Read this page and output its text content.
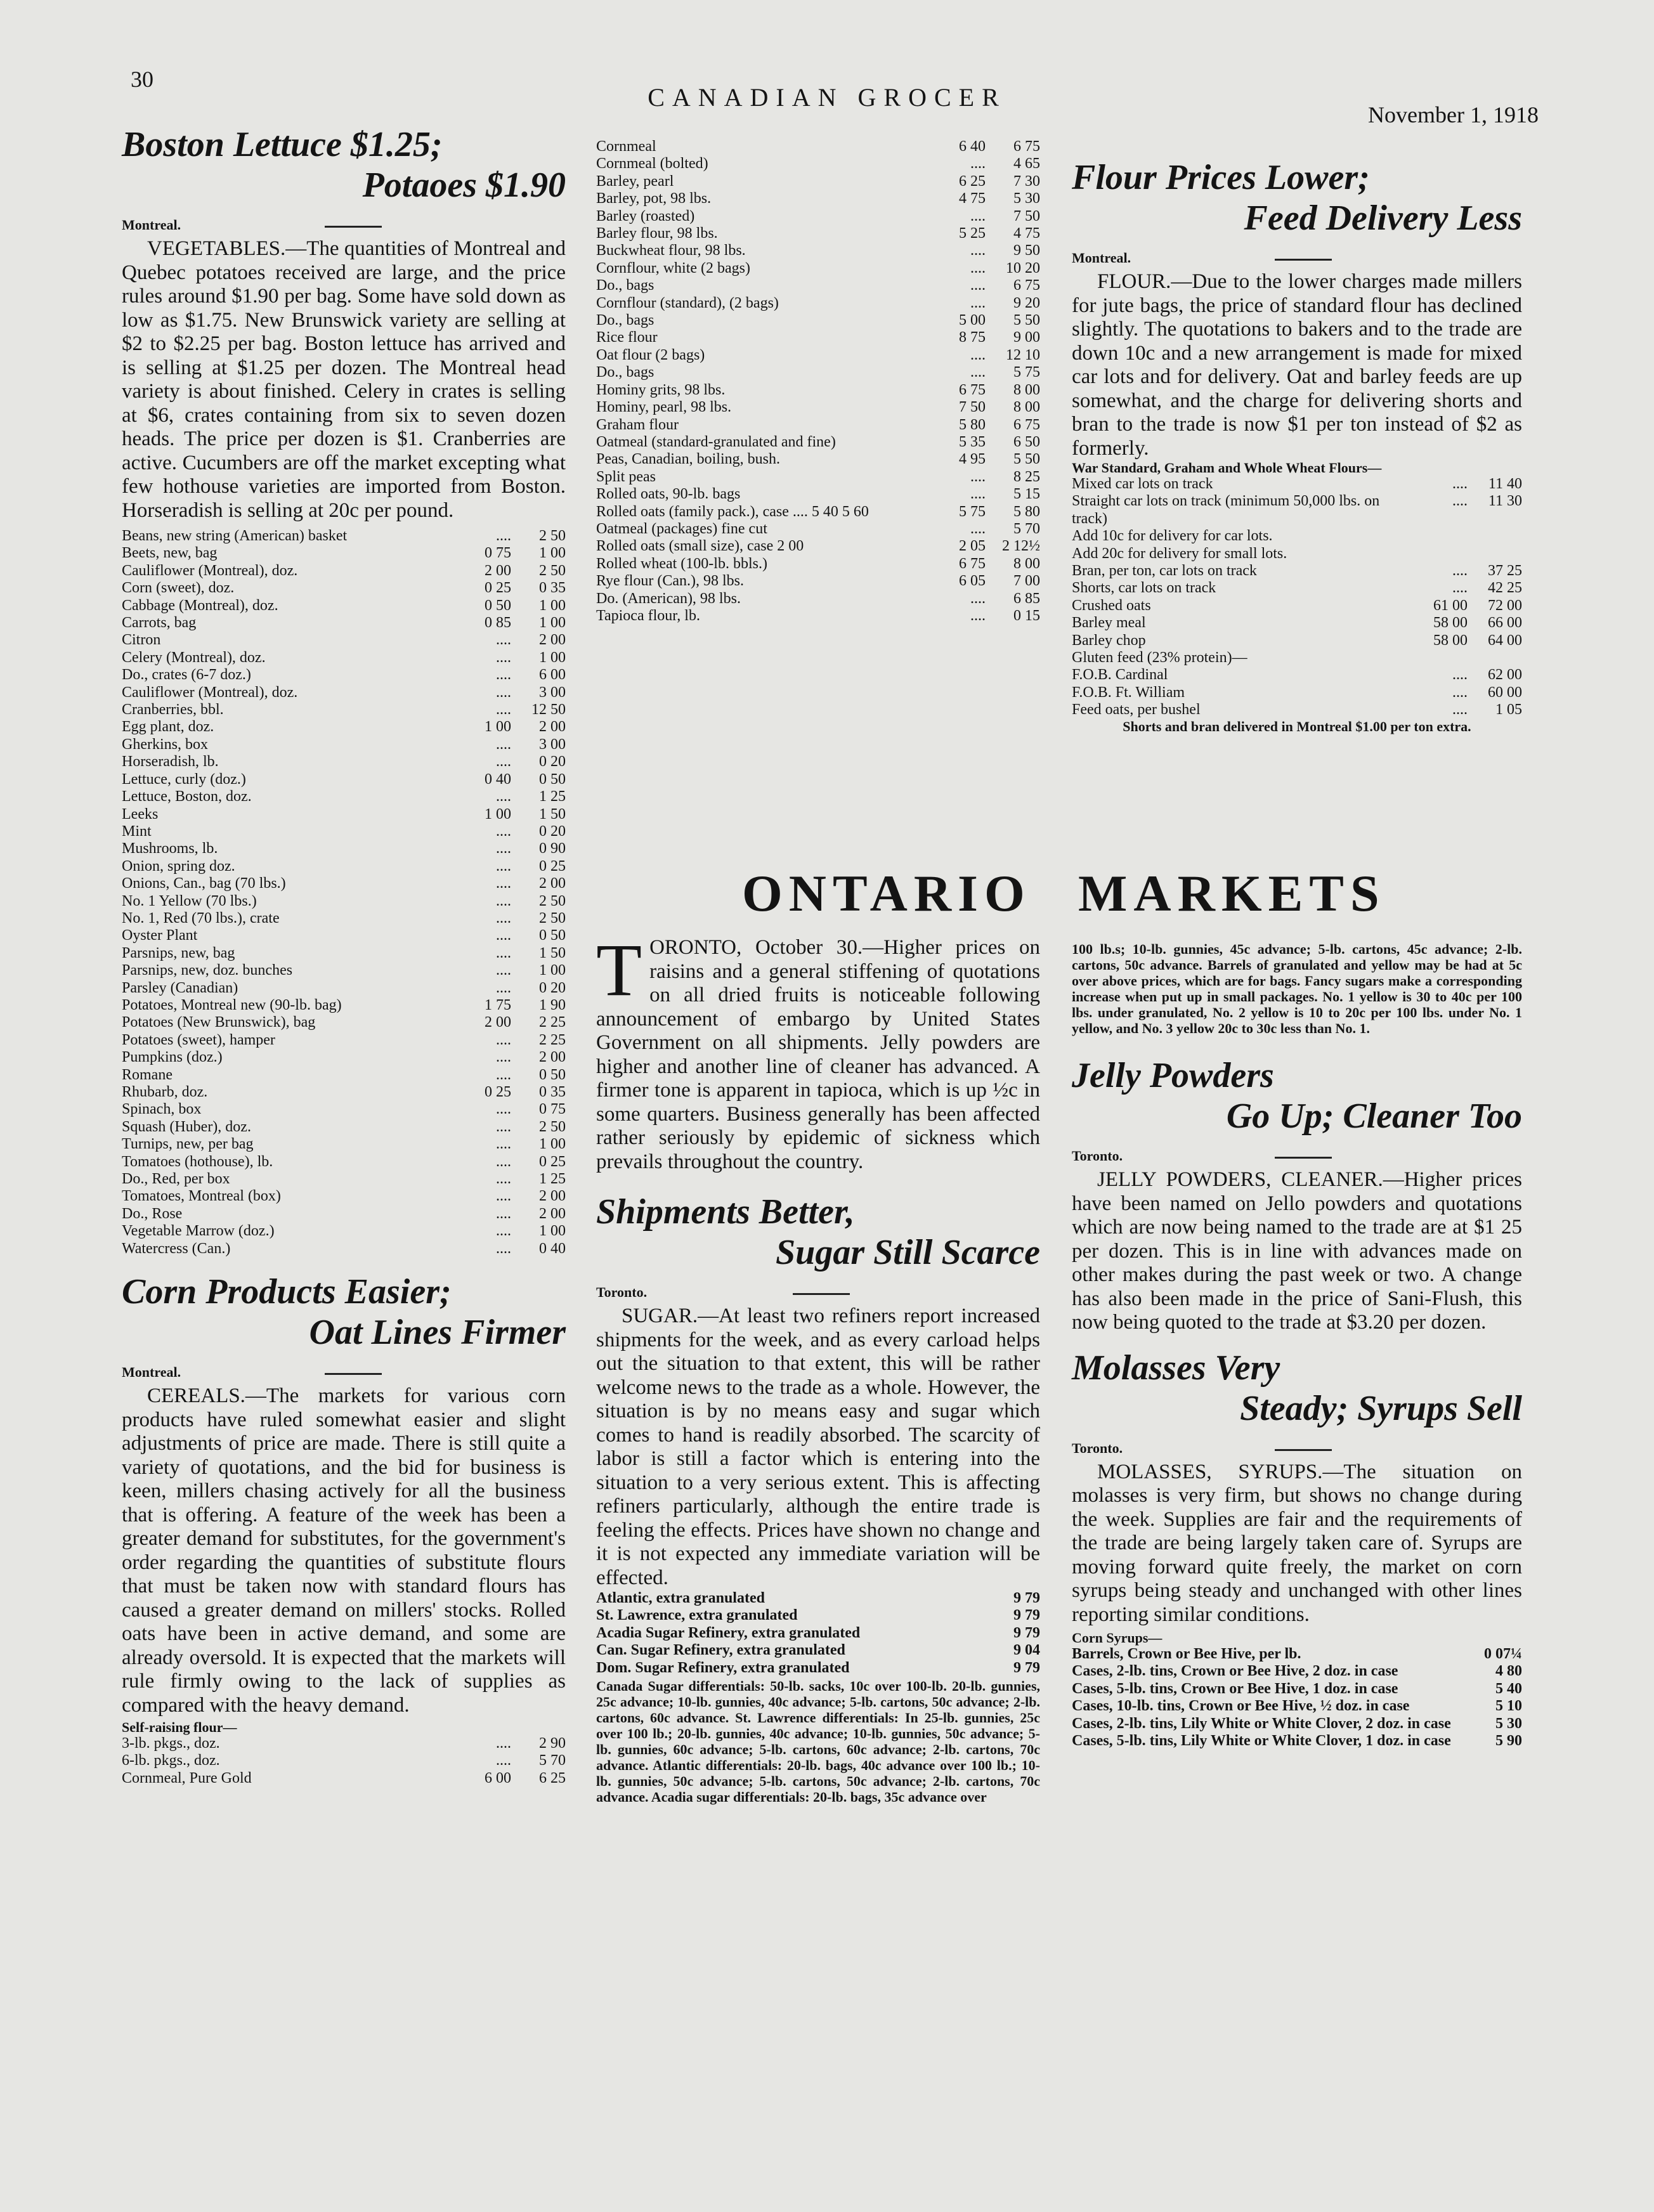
30
CANADIAN GROCER
November 1, 1918
Boston Lettuce $1.25;
Potaoes $1.90
Montreal.

VEGETABLES.—The quantities of Montreal and Quebec potatoes received are large, and the price rules around $1.90 per bag. Some have sold down as low as $1.75. New Brunswick variety are selling at $2 to $2.25 per bag. Boston lettuce has arrived and is selling at $1.25 per dozen. The Montreal head variety is about finished. Celery in crates is selling at $6, crates containing from six to seven dozen heads. The price per dozen is $1. Cranberries are active. Cucumbers are off the market excepting what few hothouse varieties are imported from Boston. Horseradish is selling at 20c per pound.

Beans, new string (American) basket	....	2 50
Beets, new, bag	0 75	1 00
Cauliflower (Montreal), doz.	2 00	2 50
Corn (sweet), doz.	0 25	0 35
Cabbage (Montreal), doz.	0 50	1 00
Carrots, bag	0 85	1 00
Citron	....	2 00
Celery (Montreal), doz.	....	1 00
Do., crates (6-7 doz.)	....	6 00
Cauliflower (Montreal), doz.	....	3 00
Cranberries, bbl.	....	12 50
Egg plant, doz.	1 00	2 00
Gherkins, box	....	3 00
Horseradish, lb.	....	0 20
Lettuce, curly (doz.)	0 40	0 50
Lettuce, Boston, doz.	....	1 25
Leeks	1 00	1 50
Mint	....	0 20
Mushrooms, lb.	....	0 90
Onion, spring doz.	....	0 25
Onions, Can., bag (70 lbs.)	....	2 00
No. 1 Yellow (70 lbs.)	....	2 50
No. 1, Red (70 lbs.), crate	....	2 50
Oyster Plant	....	0 50
Parsnips, new, bag	....	1 50
Parsnips, new, doz. bunches	....	1 00
Parsley (Canadian)	....	0 20
Potatoes, Montreal new (90-lb. bag)	1 75	1 90
Potatoes (New Brunswick), bag	2 00	2 25
Potatoes (sweet), hamper	....	2 25
Pumpkins (doz.)	....	2 00
Romane	....	0 50
Rhubarb, doz.	0 25	0 35
Spinach, box	....	0 75
Squash (Huber), doz.	....	2 50
Turnips, new, per bag	....	1 00
Tomatoes (hothouse), lb.	....	0 25
Do., Red, per box	....	1 25
Tomatoes, Montreal (box)	....	2 00
Do., Rose	....	2 00
Vegetable Marrow (doz.)	....	1 00
Watercress (Can.)	....	0 40
Corn Products Easier;
Oat Lines Firmer
Montreal.

CEREALS.—The markets for various corn products have ruled somewhat easier and slight adjustments of price are made. There is still quite a variety of quotations, and the bid for business is keen, millers chasing actively for all the business that is offering. A feature of the week has been a greater demand for substitutes, for the government's order regarding the quantities of substitute flours that must be taken now with standard flours has caused a greater demand on millers' stocks. Rolled oats have been in active demand, and some are already oversold. It is expected that the markets will rule firmly owing to the lack of supplies as compared with the heavy demand.

Self-raising flour—
3-lb. pkgs., doz.	....	2 90
6-lb. pkgs., doz.	....	5 70
Cornmeal, Pure Gold	6 00	6 25
Cornmeal	6 40	6 75
Cornmeal (bolted)	....	4 65
Barley, pearl	6 25	7 30
Barley, pot, 98 lbs.	4 75	5 30
Barley (roasted)	....	7 50
Barley flour, 98 lbs.	5 25	4 75
Buckwheat flour, 98 lbs.	....	9 50
Cornflour, white (2 bags)	....	10 20
Do., bags	....	6 75
Cornflour (standard), (2 bags)	....	9 20
Do., bags	5 00	5 50
Rice flour	8 75	9 00
Oat flour (2 bags)	....	12 10
Do., bags	....	5 75
Hominy grits, 98 lbs.	6 75	8 00
Hominy, pearl, 98 lbs.	7 50	8 00
Graham flour	5 80	6 75
Oatmeal (standard-granulated and fine)	5 35	6 50
Peas, Canadian, boiling, bush.	4 95	5 50
Split peas	....	8 25
Rolled oats, 90-lb. bags	....	5 15
Rolled oats (family pack.), case .... 5 40 5 60	5 75	5 80
Oatmeal (packages) fine cut	....	5 70
Rolled oats (small size), case 2 00	2 05	2 12½
Rolled wheat (100-lb. bbls.)	6 75	8 00
Rye flour (Can.), 98 lbs.	6 05	7 00
Do. (American), 98 lbs.	....	6 85
Tapioca flour, lb.	....	0 15
ONTARIO MARKETS

TORONTO, October 30.—Higher prices on raisins and a general stiffening of quotations on all dried fruits is noticeable following announcement of embargo by United States Government on all shipments. Jelly powders are higher and another line of cleaner has advanced. A firmer tone is apparent in tapioca, which is up ½c in some quarters. Business generally has been affected rather seriously by epidemic of sickness which prevails throughout the country.

Shipments Better,
Sugar Still Scarce
Toronto.

SUGAR.—At least two refiners report increased shipments for the week, and as every carload helps out the situation to that extent, this will be rather welcome news to the trade as a whole. However, the situation is by no means easy and sugar which comes to hand is readily absorbed. The scarcity of labor is still a factor which is entering into the situation to a very serious extent. This is affecting refiners particularly, although the entire trade is feeling the effects. Prices have shown no change and it is not expected any immediate variation will be effected.

Atlantic, extra granulated	9 79
St. Lawrence, extra granulated	9 79
Acadia Sugar Refinery, extra granulated	9 79
Can. Sugar Refinery, extra granulated	9 04
Dom. Sugar Refinery, extra granulated	9 79

Canada Sugar differentials: 50-lb. sacks, 10c over 100-lb. 20-lb. gunnies, 25c advance; 10-lb. gunnies, 40c advance; 5-lb. cartons, 50c advance; 2-lb. cartons, 60c advance. St. Lawrence differentials: In 25-lb. gunnies, 25c over 100 lb.; 20-lb. gunnies, 40c advance; 10-lb. gunnies, 50c advance; 5-lb. gunnies, 60c advance; 5-lb. cartons, 60c advance; 2-lb. cartons, 70c advance. Atlantic differentials: 20-lb. bags, 40c advance over 100 lb.; 10-lb. gunnies, 50c advance; 5-lb. cartons, 50c advance; 2-lb. cartons, 70c advance. Acadia sugar differentials: 20-lb. bags, 35c advance over

Flour Prices Lower;
Feed Delivery Less
Montreal.

FLOUR.—Due to the lower charges made millers for jute bags, the price of standard flour has declined slightly. The quotations to bakers and to the trade are down 10c and a new arrangement is made for mixed car lots and for delivery. Oat and barley feeds are up somewhat, and the charge for delivering shorts and bran to the trade is now $1 per ton instead of $2 as formerly.

War Standard, Graham and Whole Wheat Flours—
Mixed car lots on track	....	11 40
Straight car lots on track (minimum 50,000 lbs. on track)	....	11 30
Add 10c for delivery for car lots.		
Add 20c for delivery for small lots.		
Bran, per ton, car lots on track	....	37 25
Shorts, car lots on track	....	42 25
Crushed oats	61 00	72 00
Barley meal	58 00	66 00
Barley chop	58 00	64 00
Gluten feed (23% protein)—		
F.O.B. Cardinal	....	62 00
F.O.B. Ft. William	....	60 00
Feed oats, per bushel	....	1 05
Shorts and bran delivered in Montreal $1.00 per ton extra.

100 lb.s; 10-lb. gunnies, 45c advance; 5-lb. cartons, 45c advance; 2-lb. cartons, 50c advance. Barrels of granulated and yellow may be had at 5c over above prices, which are for bags. Fancy sugars make a corresponding increase when put up in small packages. No. 1 yellow is 30 to 40c per 100 lbs. under granulated, No. 2 yellow is 10 to 20c per 100 lbs. under No. 1 yellow, and No. 3 yellow 20c to 30c less than No. 1.

Jelly Powders
Go Up; Cleaner Too
Toronto.

JELLY POWDERS, CLEANER.—Higher prices have been named on Jello powders and quotations which are now being named to the trade are at $1 25 per dozen. This is in line with advances made on other makes during the past week or two. A change has also been made in the price of Sani-Flush, this now being quoted to the trade at $3.20 per dozen.

Molasses Very
Steady; Syrups Sell
Toronto.

MOLASSES, SYRUPS.—The situation on molasses is very firm, but shows no change during the week. Supplies are fair and the requirements of the trade are being largely taken care of. Syrups are moving forward quite freely, the market on corn syrups being steady and unchanged with other lines reporting similar conditions.

Corn Syrups—
Barrels, Crown or Bee Hive, per lb.	0 07¼
Cases, 2-lb. tins, Crown or Bee Hive, 2 doz. in case	4 80
Cases, 5-lb. tins, Crown or Bee Hive, 1 doz. in case	5 40
Cases, 10-lb. tins, Crown or Bee Hive, ½ doz. in case	5 10
Cases, 2-lb. tins, Lily White or White Clover, 2 doz. in case	5 30
Cases, 5-lb. tins, Lily White or White Clover, 1 doz. in case	5 90
